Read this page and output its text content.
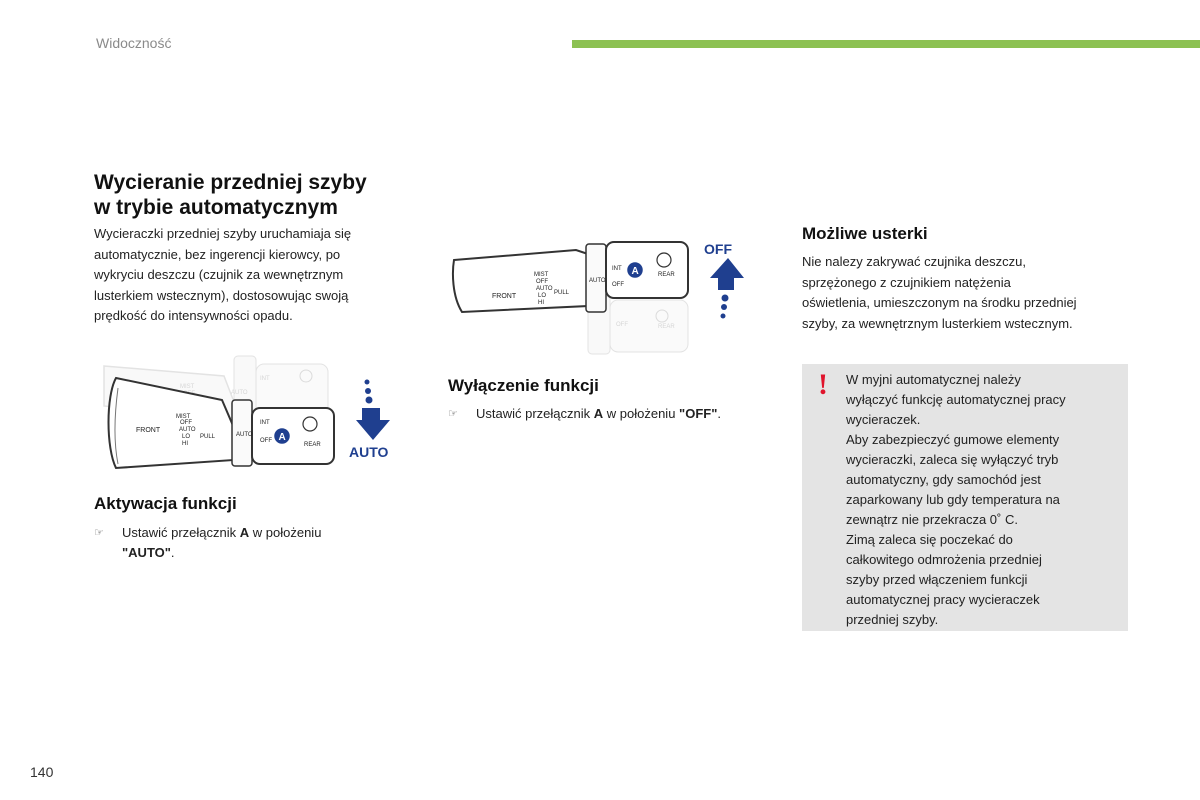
Widoczność
Wycieranie przedniej szyby
w trybie automatycznym
Wycieraczki przedniej szyby uruchamiaja się
automatycznie, bez ingerencji kierowcy, po
wykryciu deszczu (czujnik za wewnętrznym
lusterkiem wstecznym), dostosowując swoją
prędkość do intensywności opadu.
MIST
AUTO
INT
FRONT
MIST
OFF
AUTO
LO
HI
PULL	AUTO
INT
OFF
REAR
A
AUTO
Aktywacja funkcji
☞	Ustawić przełącznik A w położeniu
"AUTO".
OFF	REAR
FRONT
MIST
OFF
AUTO
LO
HI
PULL
AUTO
INT
OFF
REAR
A
OFF
Wyłączenie funkcji
☞	Ustawić przełącznik A w położeniu "OFF".
Możliwe usterki
Nie nalezy zakrywać czujnika deszczu,
sprzężonego z czujnikiem natężenia
oświetlenia, umieszczonym na środku przedniej
szyby, za wewnętrznym lusterkiem wstecznym.
! W myjni automatycznej należy

wyłączyć funkcję automatycznej pracy

wycieraczek.

Aby zabezpieczyć gumowe elementy

wycieraczki, zaleca się wyłączyć tryb

automatyczny, gdy samochód jest

zaparkowany lub gdy temperatura na

zewnątrz nie przekracza 0˚ C.

Zimą zaleca się poczekać do

całkowitego odmrożenia przedniej

szyby przed włączeniem funkcji

automatycznej pracy wycieraczek

przedniej szyby.

140
